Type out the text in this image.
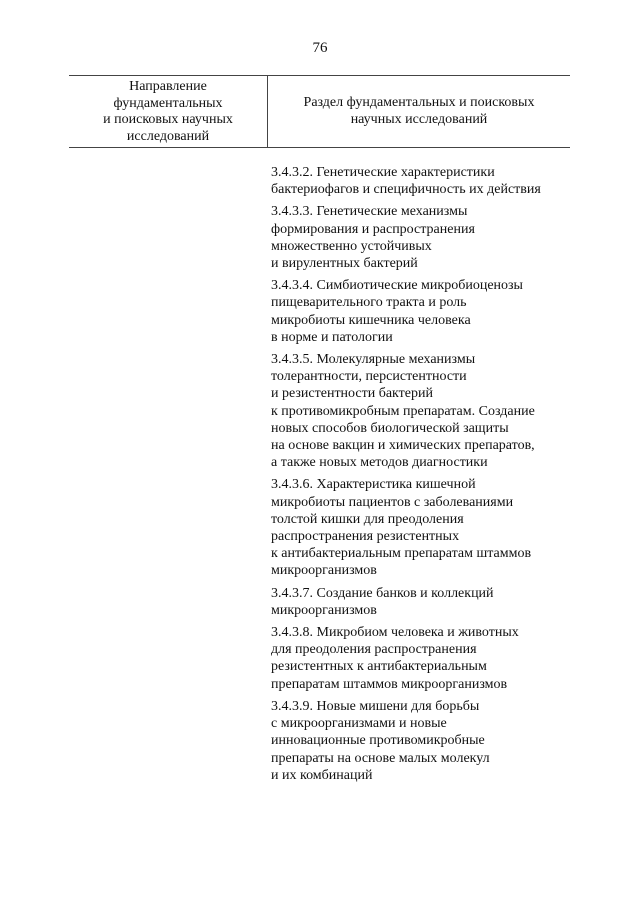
76
Направление
фундаментальных
и поисковых научных
исследований
Раздел фундаментальных и поисковых
научных исследований
3.4.3.2. Генетические характеристики
бактериофагов и специфичность их действия
3.4.3.3. Генетические механизмы
формирования и распространения
множественно устойчивых
и вирулентных бактерий
3.4.3.4. Симбиотические микробиоценозы
пищеварительного тракта и роль
микробиоты кишечника человека
в норме и патологии
3.4.3.5. Молекулярные механизмы
толерантности, персистентности
и резистентности бактерий
к противомикробным препаратам. Создание
новых способов биологической защиты
на основе вакцин и химических препаратов,
а также новых методов диагностики
3.4.3.6. Характеристика кишечной
микробиоты пациентов с заболеваниями
толстой кишки для преодоления
распространения резистентных
к антибактериальным препаратам штаммов
микроорганизмов
3.4.3.7. Создание банков и коллекций
микроорганизмов
3.4.3.8. Микробиом человека и животных
для преодоления распространения
резистентных к антибактериальным
препаратам штаммов микроорганизмов
3.4.3.9. Новые мишени для борьбы
с микроорганизмами и новые
инновационные противомикробные
препараты на основе малых молекул
и их комбинаций
